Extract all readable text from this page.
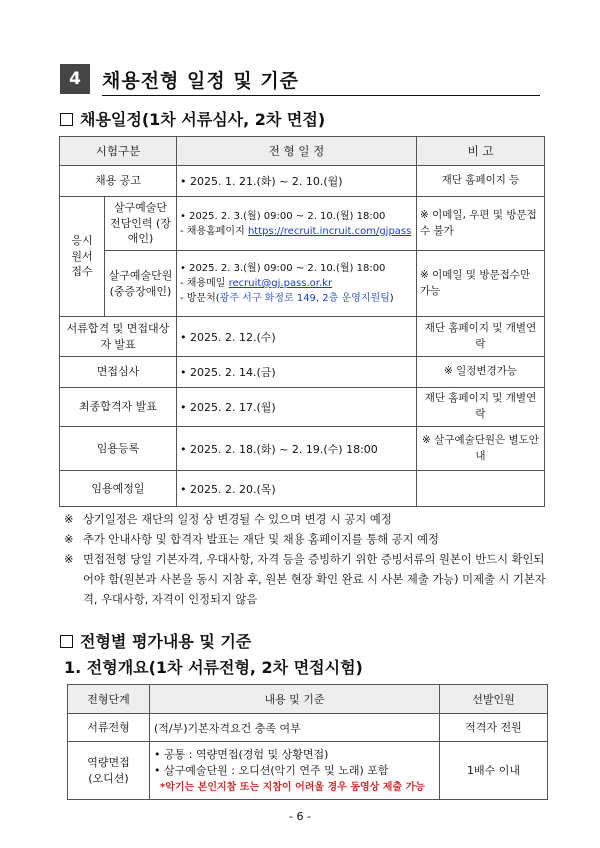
4	채용전형 일정 및 기준
채용일정(1차 서류심사, 2차 면접)
시험구분		전 형 일 정	비 고
채용 공고		• 2025. 1. 21.(화) ~ 2. 10.(월)	재단 홈페이지 등
응시 원서 접수	살구예술단 전담인력 (장애인)	• 2025. 2. 3.(월) 09:00 ~ 2. 10.(월) 18:00
- 채용홈페이지 https://recruit.incruit.com/gjpass	※ 이메일, 우편 및 방문접수 불가
	살구예술단원 (중증장애인)	• 2025. 2. 3.(월) 09:00 ~ 2. 10.(월) 18:00
- 채용메일 recruit@gj.pass.or.kr
- 방문처(광주 서구 화정로 149, 2층 운영지원팀)	※ 이메일 및 방문접수만 가능
서류합격 및 면접대상자 발표		• 2025. 2. 12.(수)	재단 홈페이지 및 개별연락
면접심사		• 2025. 2. 14.(금)	※ 일정변경가능
최종합격자 발표		• 2025. 2. 17.(월)	재단 홈페이지 및 개별연락
임용등록		• 2025. 2. 18.(화) ~ 2. 19.(수) 18:00	※ 살구예술단원은 별도안내
임용예정일		• 2025. 2. 20.(목)	
※ 상기일정은 재단의 일정 상 변경될 수 있으며 변경 시 공지 예정
※ 추가 안내사항 및 합격자 발표는 재단 및 채용 홈페이지를 통해 공지 예정
※ 면접전형 당일 기본자격, 우대사항, 자격 등을 증빙하기 위한 증빙서류의 원본이 반드시 확인되어야 함(원본과 사본을 동시 지참 후, 원본 현장 확인 완료 시 사본 제출 가능) 미제출 시 기본자격, 우대사항, 자격이 인정되지 않음
전형별 평가내용 및 기준
1. 전형개요(1차 서류전형, 2차 면접시험)
전형단계	내용 및 기준	선발인원
서류전형	(적/부)기본자격요건 충족 여부	적격자 전원
역량면접 (오디션)	• 공통 : 역량면접(경험 및 상황면접)
• 살구예술단원 : 오디션(악기 연주 및 노래) 포함
*악기는 본인지참 또는 지참이 어려울 경우 동영상 제출 가능	1배수 이내
- 6 -
